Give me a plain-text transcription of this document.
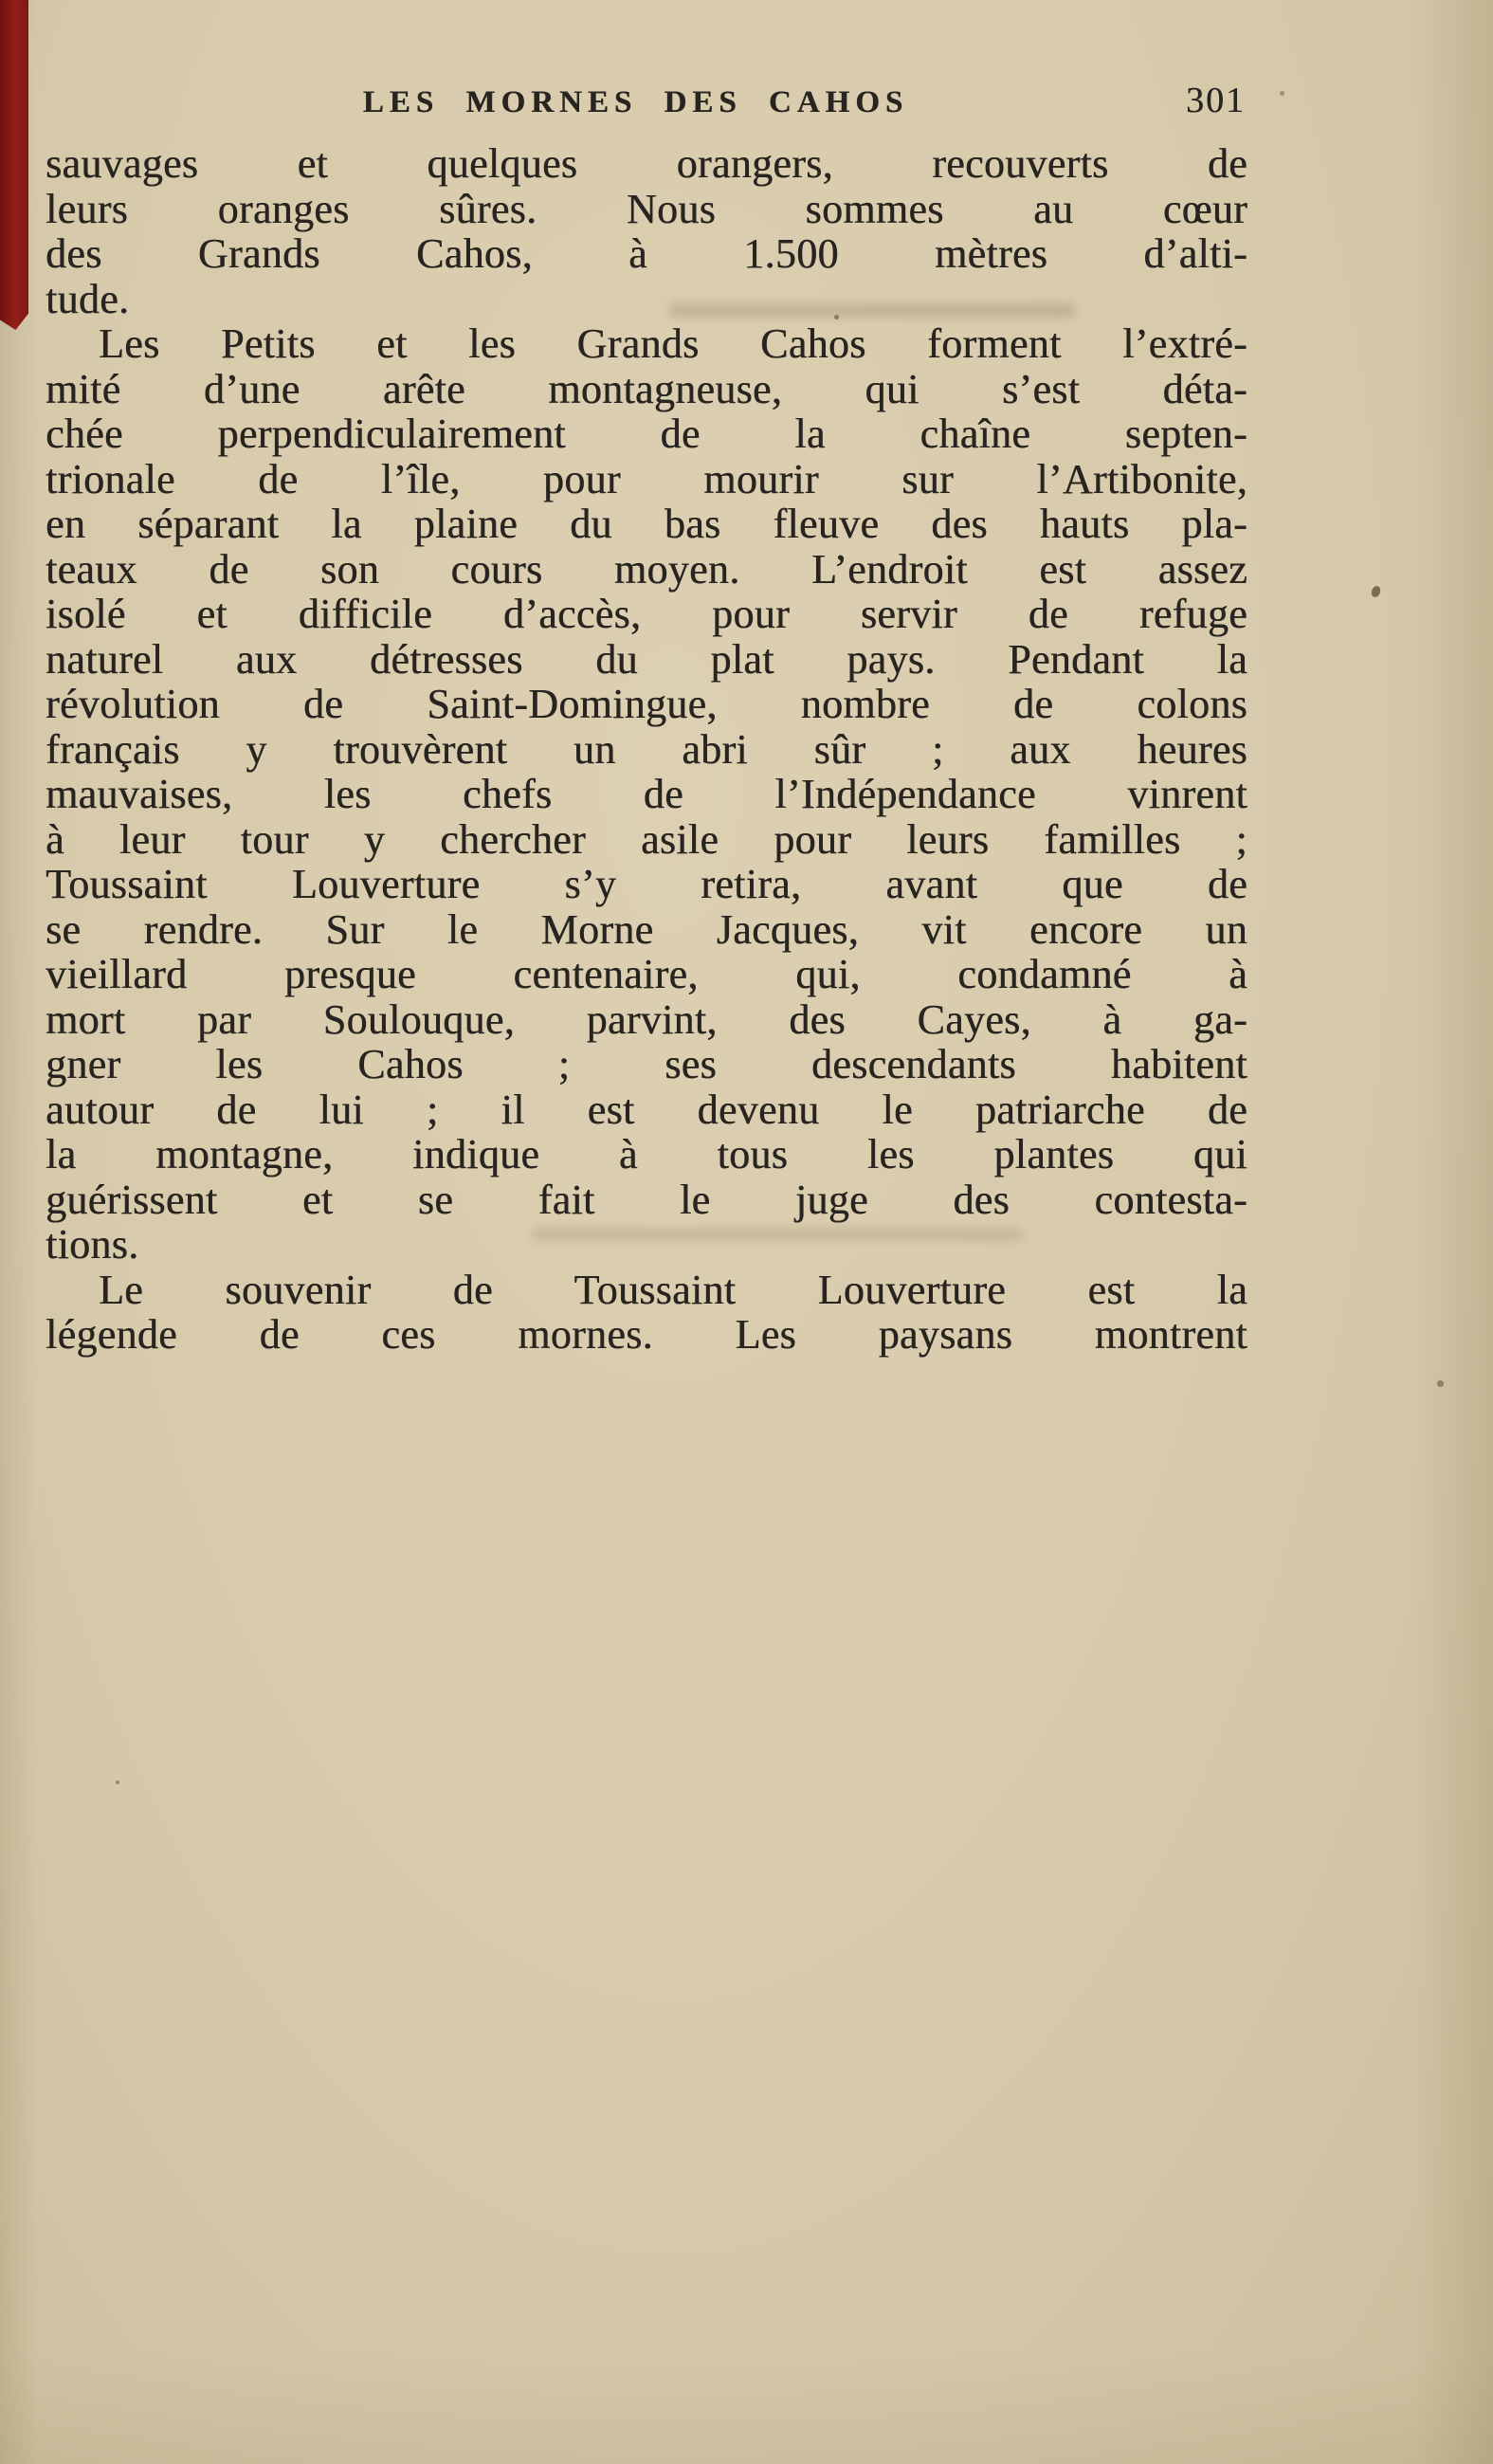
LES MORNES DES CAHOS	301
sauvages et quelques orangers, recouverts de
leurs oranges sûres. Nous sommes au cœur
des Grands Cahos, à 1.500 mètres d’alti-
tude.
Les Petits et les Grands Cahos forment l’extré-
mité d’une arête montagneuse, qui s’est déta-
chée perpendiculairement de la chaîne septen-
trionale de l’île, pour mourir sur l’Artibonite,
en séparant la plaine du bas fleuve des hauts pla-
teaux de son cours moyen. L’endroit est assez
isolé et difficile d’accès, pour servir de refuge
naturel aux détresses du plat pays. Pendant la
révolution de Saint-Domingue, nombre de colons
français y trouvèrent un abri sûr ; aux heures
mauvaises, les chefs de l’Indépendance vinrent
à leur tour y chercher asile pour leurs familles ;
Toussaint Louverture s’y retira, avant que de
se rendre. Sur le Morne Jacques, vit encore un
vieillard presque centenaire, qui, condamné à
mort par Soulouque, parvint, des Cayes, à ga-
gner les Cahos ; ses descendants habitent
autour de lui ; il est devenu le patriarche de
la montagne, indique à tous les plantes qui
guérissent et se fait le juge des contesta-
tions.
Le souvenir de Toussaint Louverture est la
légende de ces mornes. Les paysans montrent
